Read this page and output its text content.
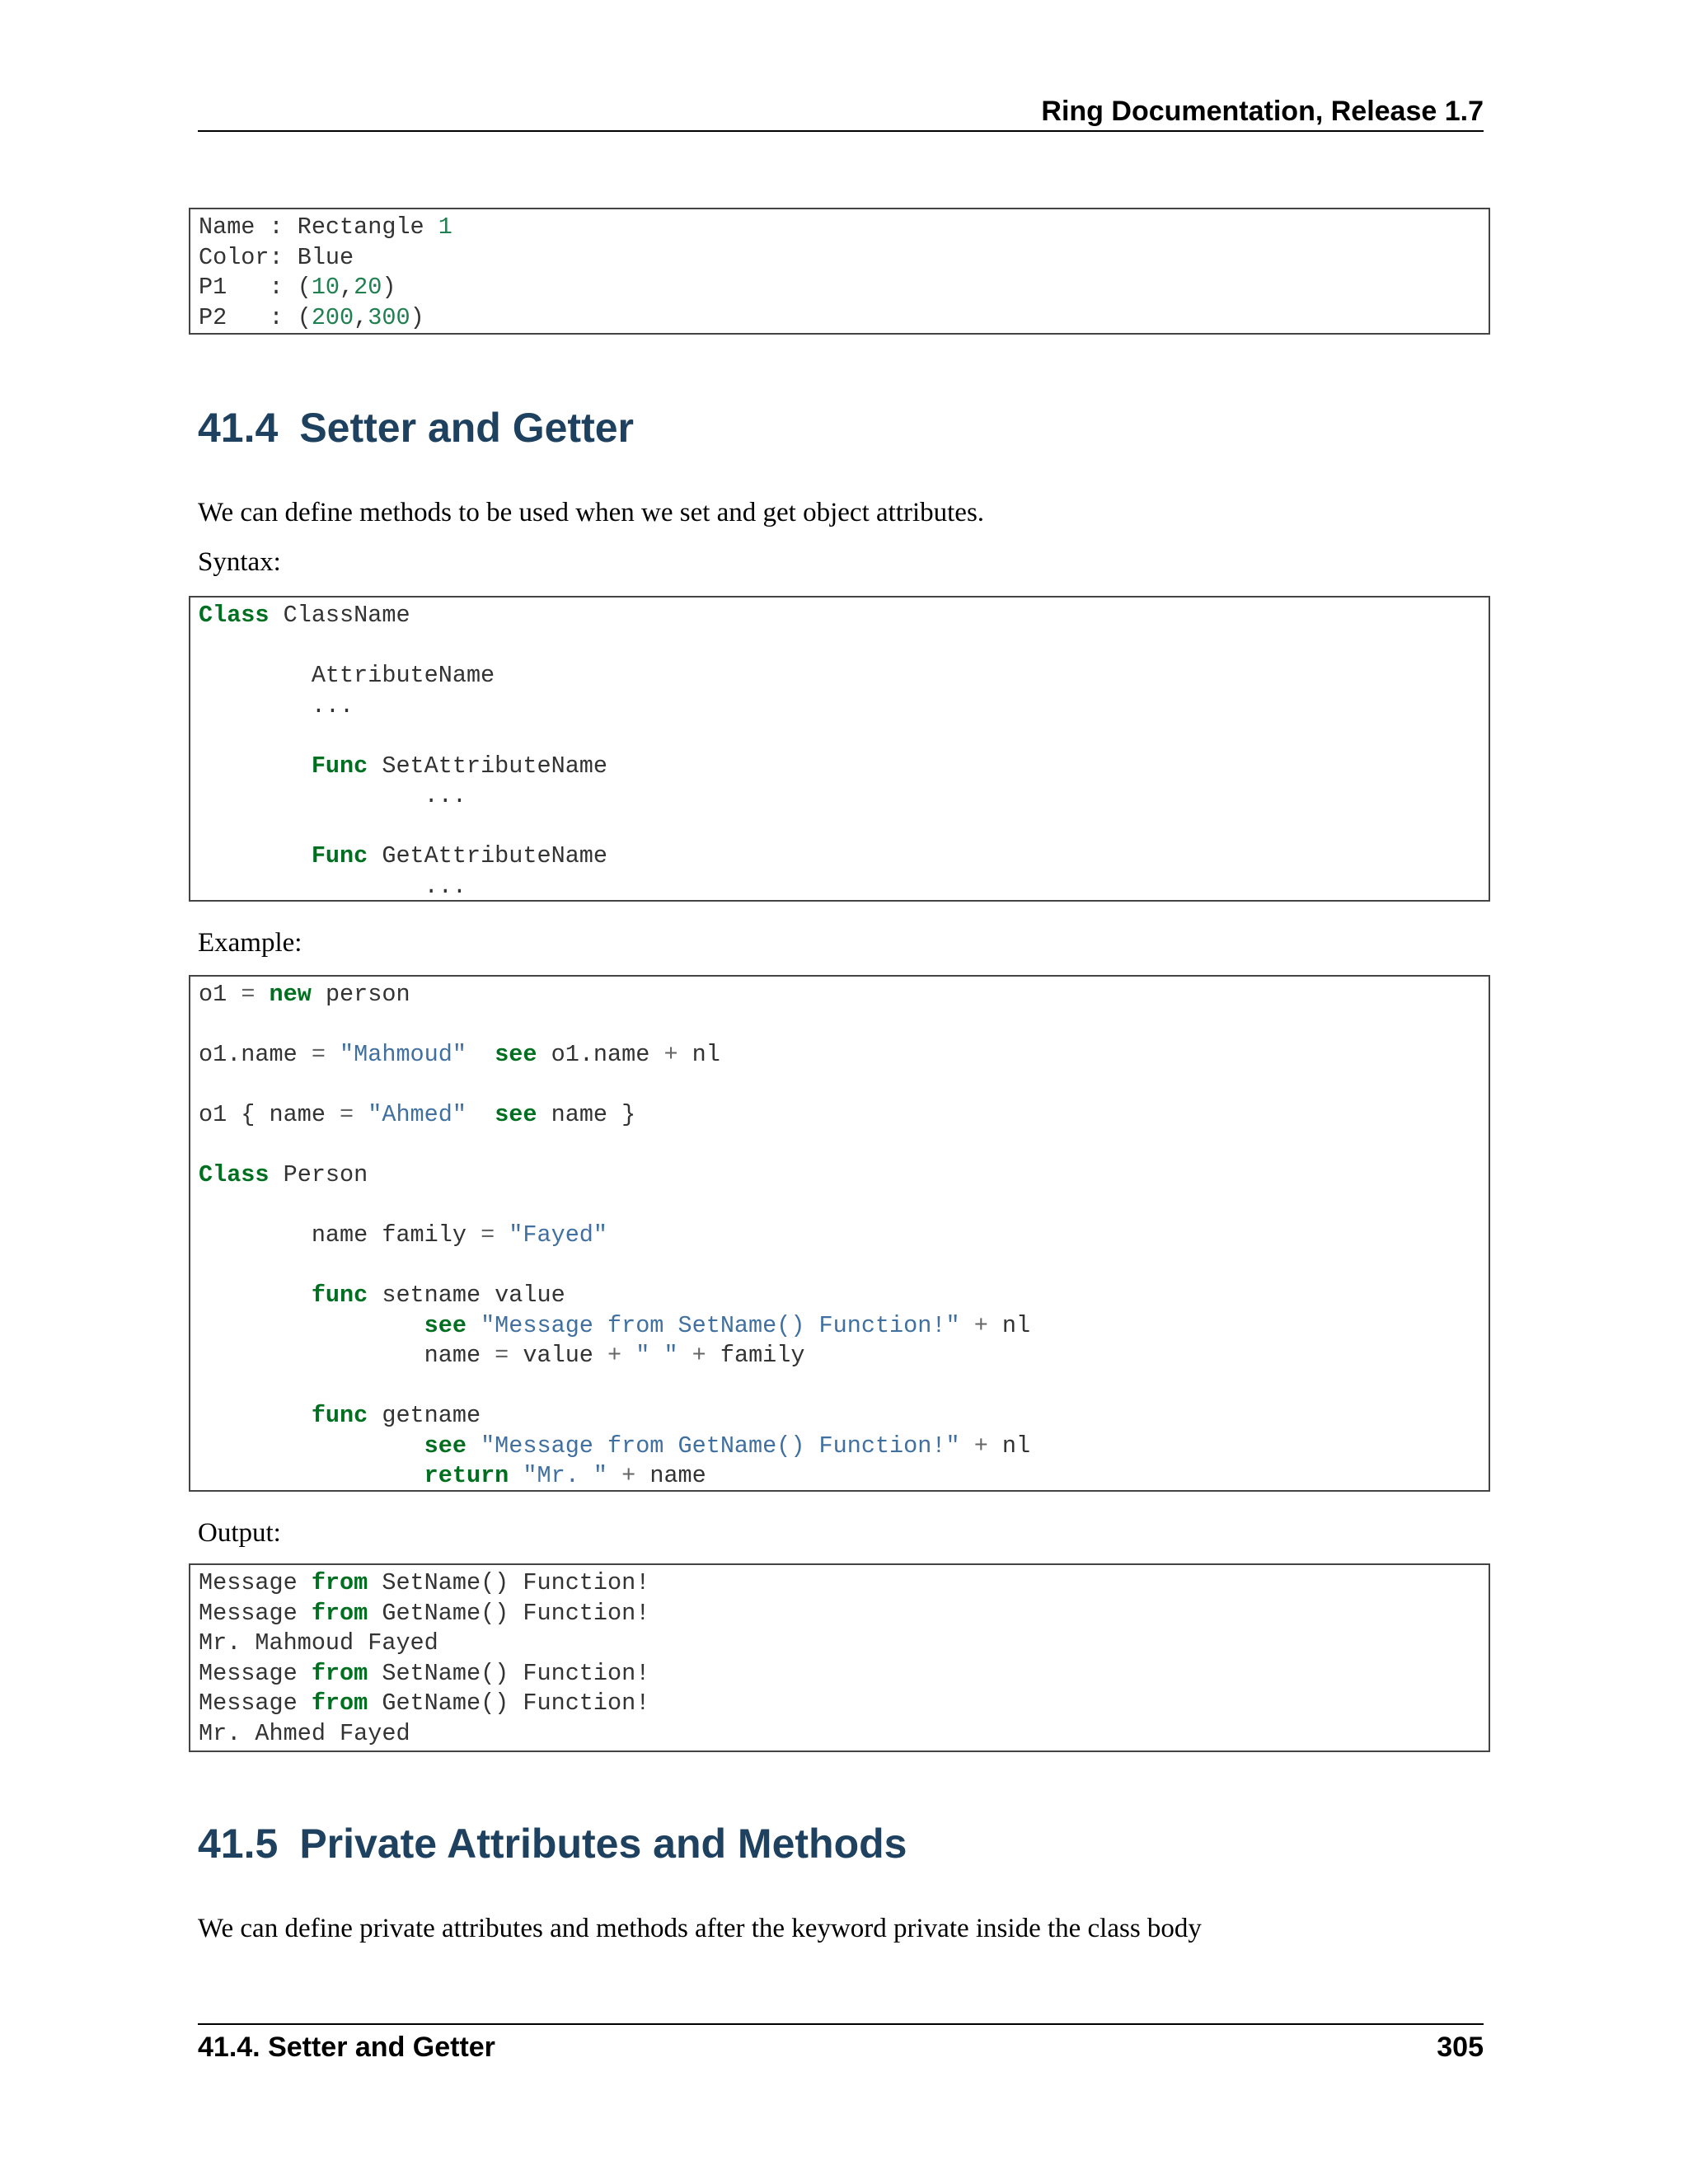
Ring Documentation, Release 1.7
Name : Rectangle 1
Color: Blue
P1   : (10,20)
P2   : (200,300)
41.4 Setter and Getter

We can define methods to be used when we set and get object attributes.

Syntax:

Class ClassName

AttributeName
...

Func SetAttributeName
...

Func GetAttributeName
...

Example:

o1 = new person

o1.name = "Mahmoud" see o1.name + nl

o1 { name = "Ahmed" see name }

Class Person

name family = "Fayed"

func setname value
see "Message from SetName() Function!" + nl
name = value + " " + family

func getname
see "Message from GetName() Function!" + nl
return "Mr. " + name

Output:

Message from SetName() Function!
Message from GetName() Function!
Mr. Mahmoud Fayed
Message from SetName() Function!
Message from GetName() Function!
Mr. Ahmed Fayed
41.5 Private Attributes and Methods

We can define private attributes and methods after the keyword private inside the class body

41.4. Setter and Getter	305
